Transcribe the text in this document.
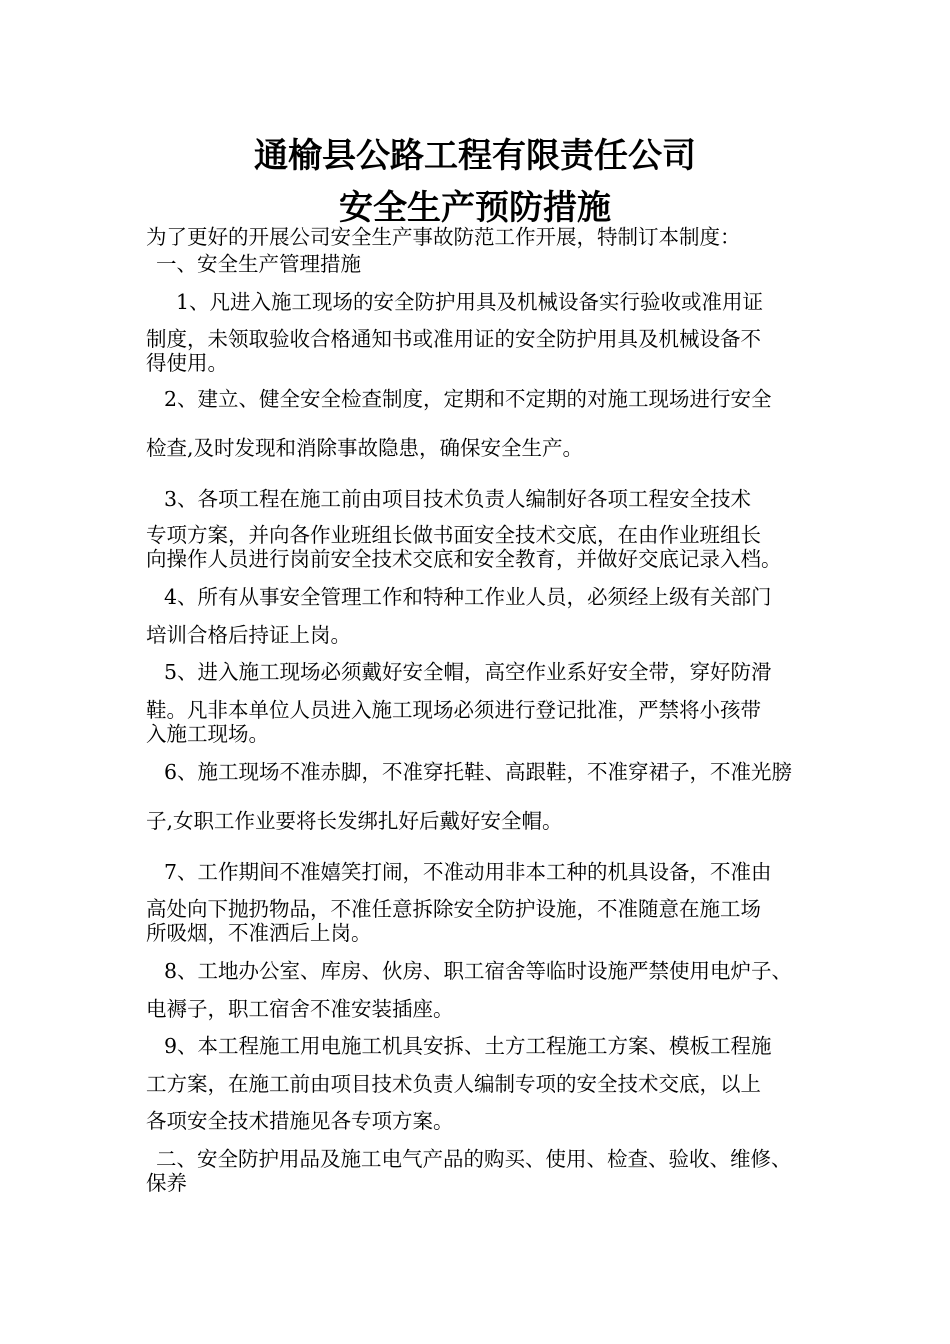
通榆县公路工程有限责任公司
安全生产预防措施

为了更好的开展公司安全生产事故防范工作开展，特制订本制度：

一、安全生产管理措施

1、凡进入施工现场的安全防护用具及机械设备实行验收或准用证

制度，未领取验收合格通知书或准用证的安全防护用具及机械设备不

得使用。

2、建立、健全安全检查制度，定期和不定期的对施工现场进行安全

检查,及时发现和消除事故隐患，确保安全生产。

3、各项工程在施工前由项目技术负责人编制好各项工程安全技术

专项方案，并向各作业班组长做书面安全技术交底，在由作业班组长

向操作人员进行岗前安全技术交底和安全教育，并做好交底记录入档。

4、所有从事安全管理工作和特种工作业人员，必须经上级有关部门

培训合格后持证上岗。

5、进入施工现场必须戴好安全帽，高空作业系好安全带，穿好防滑

鞋。凡非本单位人员进入施工现场必须进行登记批准，严禁将小孩带

入施工现场。

6、施工现场不准赤脚，不准穿托鞋、高跟鞋，不准穿裙子，不准光膀

子,女职工作业要将长发绑扎好后戴好安全帽。

7、工作期间不准嬉笑打闹，不准动用非本工种的机具设备，不准由

高处向下抛扔物品，不准任意拆除安全防护设施，不准随意在施工场

所吸烟，不准洒后上岗。

8、工地办公室、库房、伙房、职工宿舍等临时设施严禁使用电炉子、

电褥子，职工宿舍不准安装插座。

9、本工程施工用电施工机具安拆、土方工程施工方案、模板工程施

工方案，在施工前由项目技术负责人编制专项的安全技术交底，以上

各项安全技术措施见各专项方案。

二、安全防护用品及施工电气产品的购买、使用、检查、验收、维修、

保养
